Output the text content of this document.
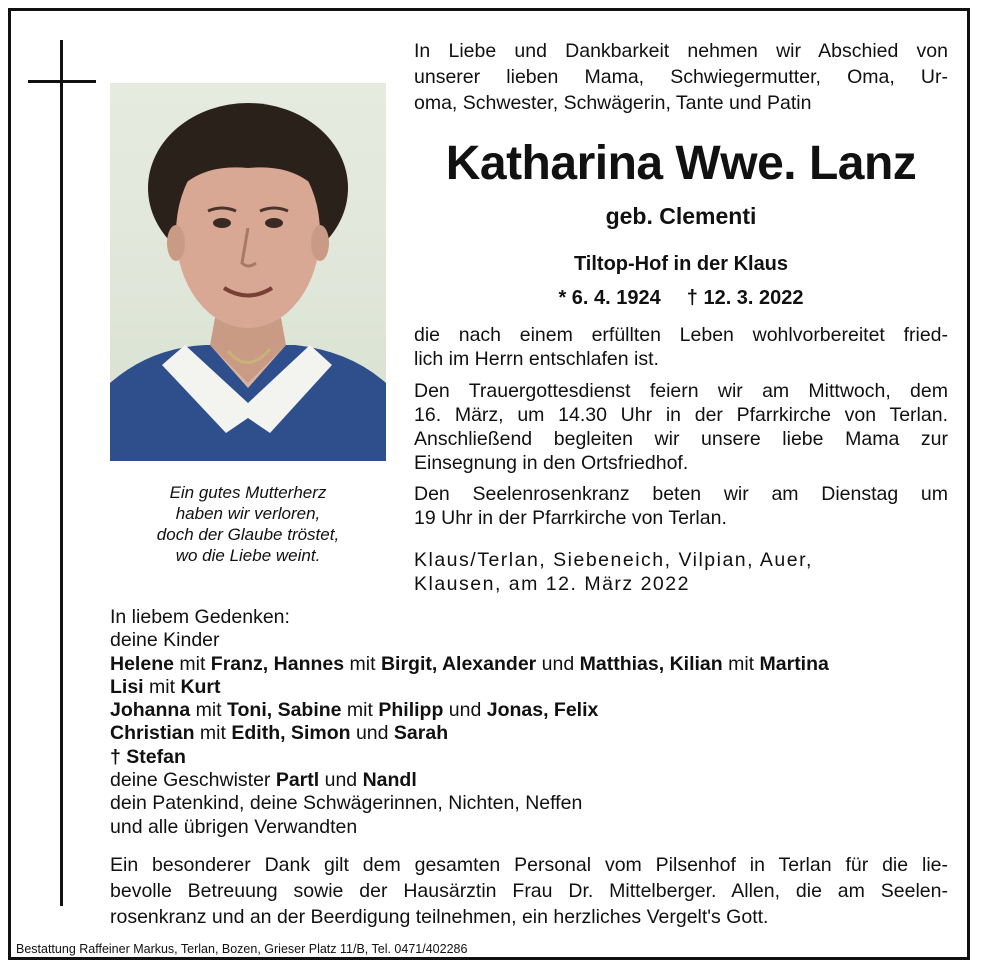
Ein gutes Mutterherz
haben wir verloren,
doch der Glaube tröstet,
wo die Liebe weint.
In Liebe und Dankbarkeit nehmen wir Abschied von
unserer lieben Mama, Schwiegermutter, Oma, Ur-
oma, Schwester, Schwägerin, Tante und Patin
Katharina Wwe. Lanz
geb. Clementi
Tiltop-Hof in der Klaus
* 6. 4. 1924 † 12. 3. 2022
die nach einem erfüllten Leben wohlvorbereitet fried-
lich im Herrn entschlafen ist.
Den Trauergottesdienst feiern wir am Mittwoch, dem
16. März, um 14.30 Uhr in der Pfarrkirche von Terlan.
Anschließend begleiten wir unsere liebe Mama zur
Einsegnung in den Ortsfriedhof.
Den Seelenrosenkranz beten wir am Dienstag um
19 Uhr in der Pfarrkirche von Terlan.
Klaus/Terlan, Siebeneich, Vilpian, Auer,
Klausen, am 12. März 2022
In liebem Gedenken:
deine Kinder
Helene mit Franz, Hannes mit Birgit, Alexander und Matthias, Kilian mit Martina
Lisi mit Kurt
Johanna mit Toni, Sabine mit Philipp und Jonas, Felix
Christian mit Edith, Simon und Sarah
† Stefan
deine Geschwister Partl und Nandl
dein Patenkind, deine Schwägerinnen, Nichten, Neffen
und alle übrigen Verwandten
Ein besonderer Dank gilt dem gesamten Personal vom Pilsenhof in Terlan für die lie-
bevolle Betreuung sowie der Hausärztin Frau Dr. Mittelberger. Allen, die am Seelen-
rosenkranz und an der Beerdigung teilnehmen, ein herzliches Vergelt's Gott.
Bestattung Raffeiner Markus, Terlan, Bozen, Grieser Platz 11/B, Tel. 0471/402286
